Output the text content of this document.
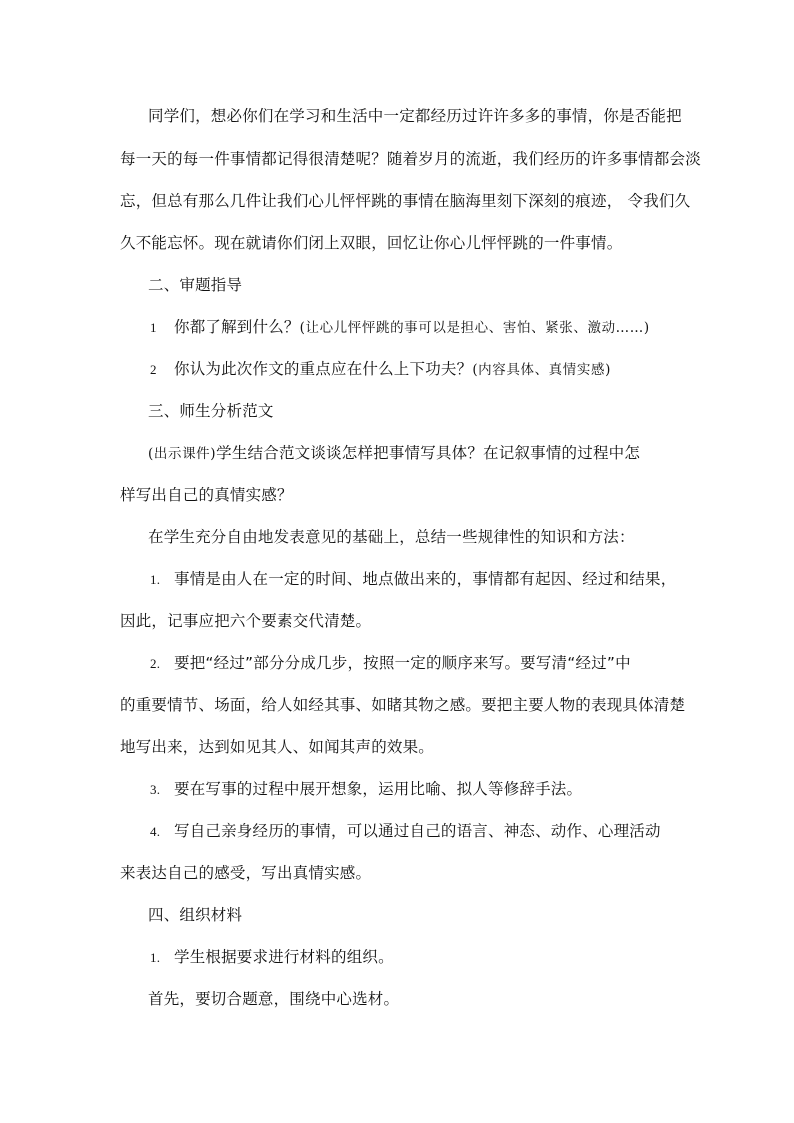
同学们，想必你们在学习和生活中一定都经历过许许多多的事情，你是否能把
每一天的每一件事情都记得很清楚呢？随着岁月的流逝，我们经历的许多事情都会淡
忘，但总有那么几件让我们心儿怦怦跳的事情在脑海里刻下深刻的痕迹， 令我们久
久不能忘怀。现在就请你们闭上双眼，回忆让你心儿怦怦跳的一件事情。
二、审题指导
1 你都了解到什么？(让心儿怦怦跳的事可以是担心、害怕、紧张、激动……)
2 你认为此次作文的重点应在什么上下功夫？(内容具体、真情实感)
三、师生分析范文
(出示课件)学生结合范文谈谈怎样把事情写具体？在记叙事情的过程中怎
样写出自己的真情实感？
在学生充分自由地发表意见的基础上，总结一些规律性的知识和方法：
1. 事情是由人在一定的时间、地点做出来的，事情都有起因、经过和结果，
因此，记事应把六个要素交代清楚。
2. 要把“经过”部分分成几步，按照一定的顺序来写。要写清“经过”中
的重要情节、场面，给人如经其事、如睹其物之感。要把主要人物的表现具体清楚
地写出来，达到如见其人、如闻其声的效果。
3. 要在写事的过程中展开想象，运用比喻、拟人等修辞手法。
4. 写自己亲身经历的事情，可以通过自己的语言、神态、动作、心理活动
来表达自己的感受，写出真情实感。
四、组织材料
1. 学生根据要求进行材料的组织。
首先，要切合题意，围绕中心选材。
